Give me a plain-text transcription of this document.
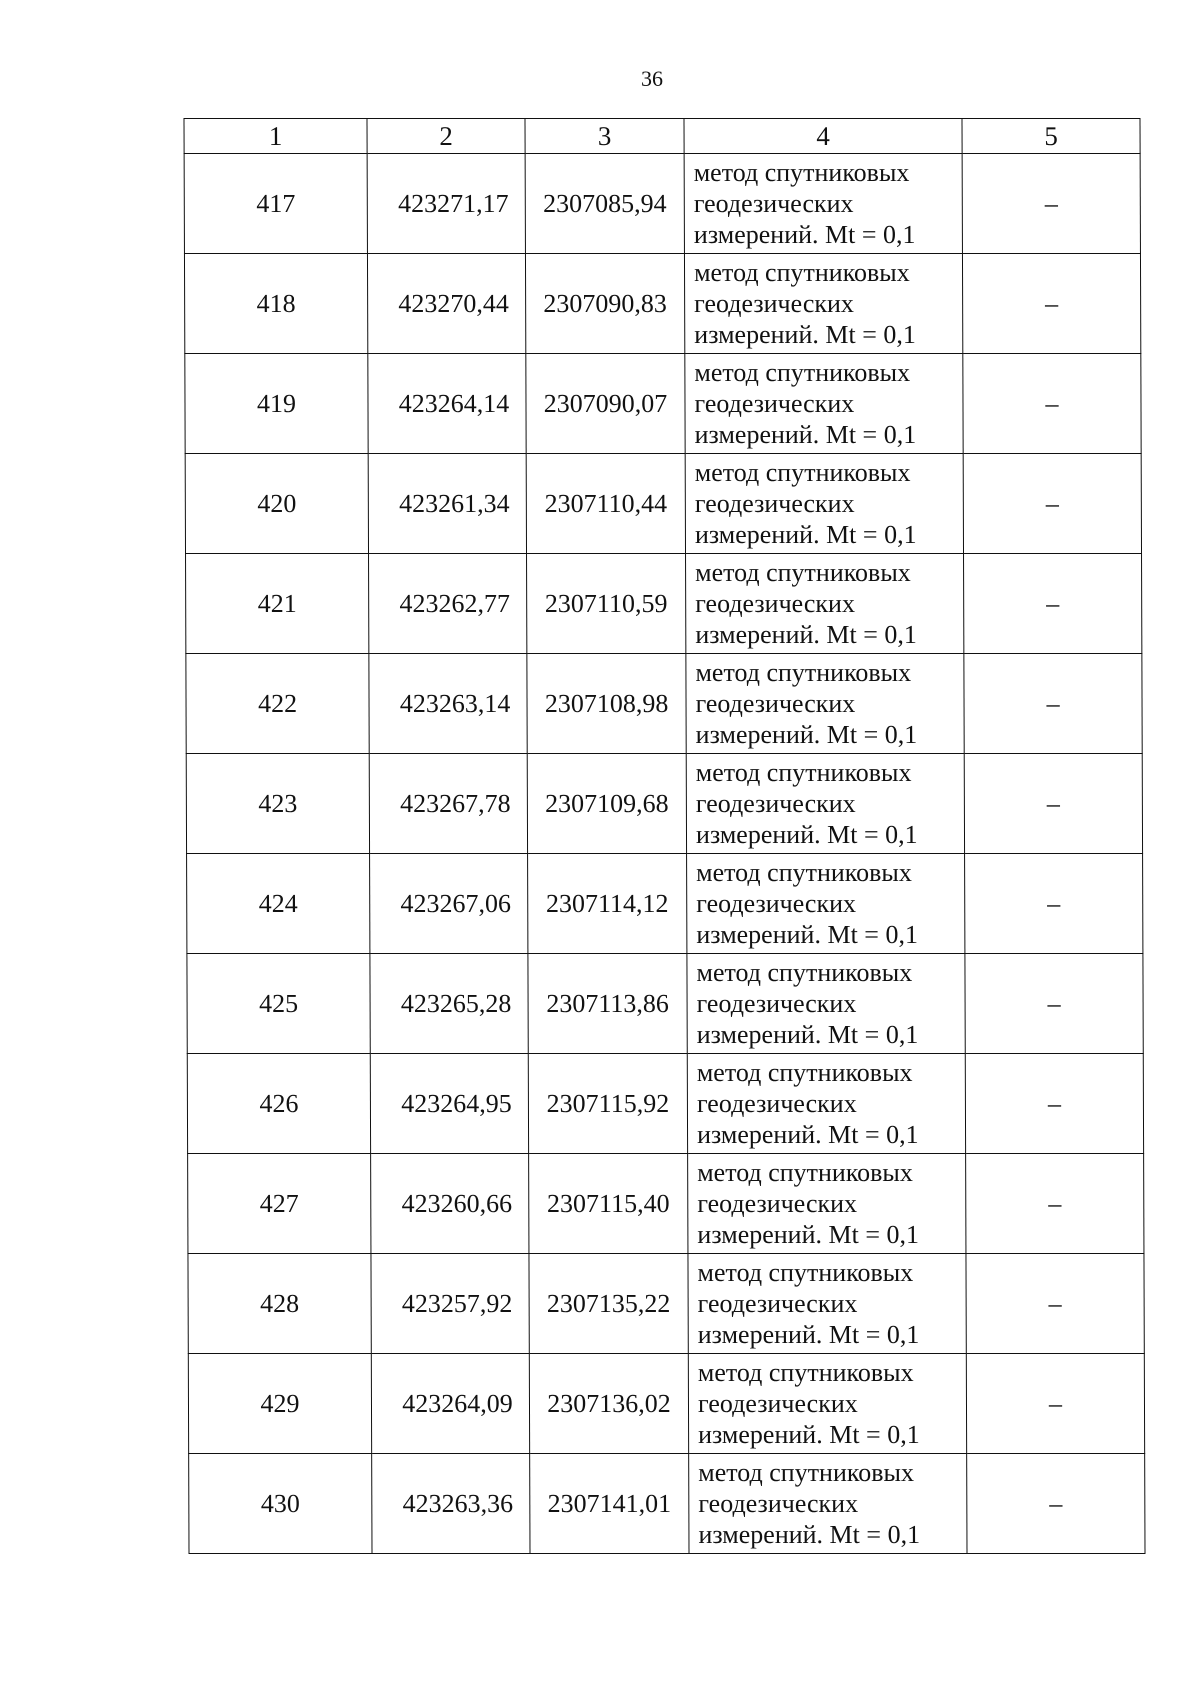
36
1	2	3	4	5
417	423271,17	2307085,94	метод спутниковых
геодезических
измерений. Mt = 0,1	–
418	423270,44	2307090,83	метод спутниковых
геодезических
измерений. Mt = 0,1	–
419	423264,14	2307090,07	метод спутниковых
геодезических
измерений. Mt = 0,1	–
420	423261,34	2307110,44	метод спутниковых
геодезических
измерений. Mt = 0,1	–
421	423262,77	2307110,59	метод спутниковых
геодезических
измерений. Mt = 0,1	–
422	423263,14	2307108,98	метод спутниковых
геодезических
измерений. Mt = 0,1	–
423	423267,78	2307109,68	метод спутниковых
геодезических
измерений. Mt = 0,1	–
424	423267,06	2307114,12	метод спутниковых
геодезических
измерений. Mt = 0,1	–
425	423265,28	2307113,86	метод спутниковых
геодезических
измерений. Mt = 0,1	–
426	423264,95	2307115,92	метод спутниковых
геодезических
измерений. Mt = 0,1	–
427	423260,66	2307115,40	метод спутниковых
геодезических
измерений. Mt = 0,1	–
428	423257,92	2307135,22	метод спутниковых
геодезических
измерений. Mt = 0,1	–
429	423264,09	2307136,02	метод спутниковых
геодезических
измерений. Mt = 0,1	–
430	423263,36	2307141,01	метод спутниковых
геодезических
измерений. Mt = 0,1	–
